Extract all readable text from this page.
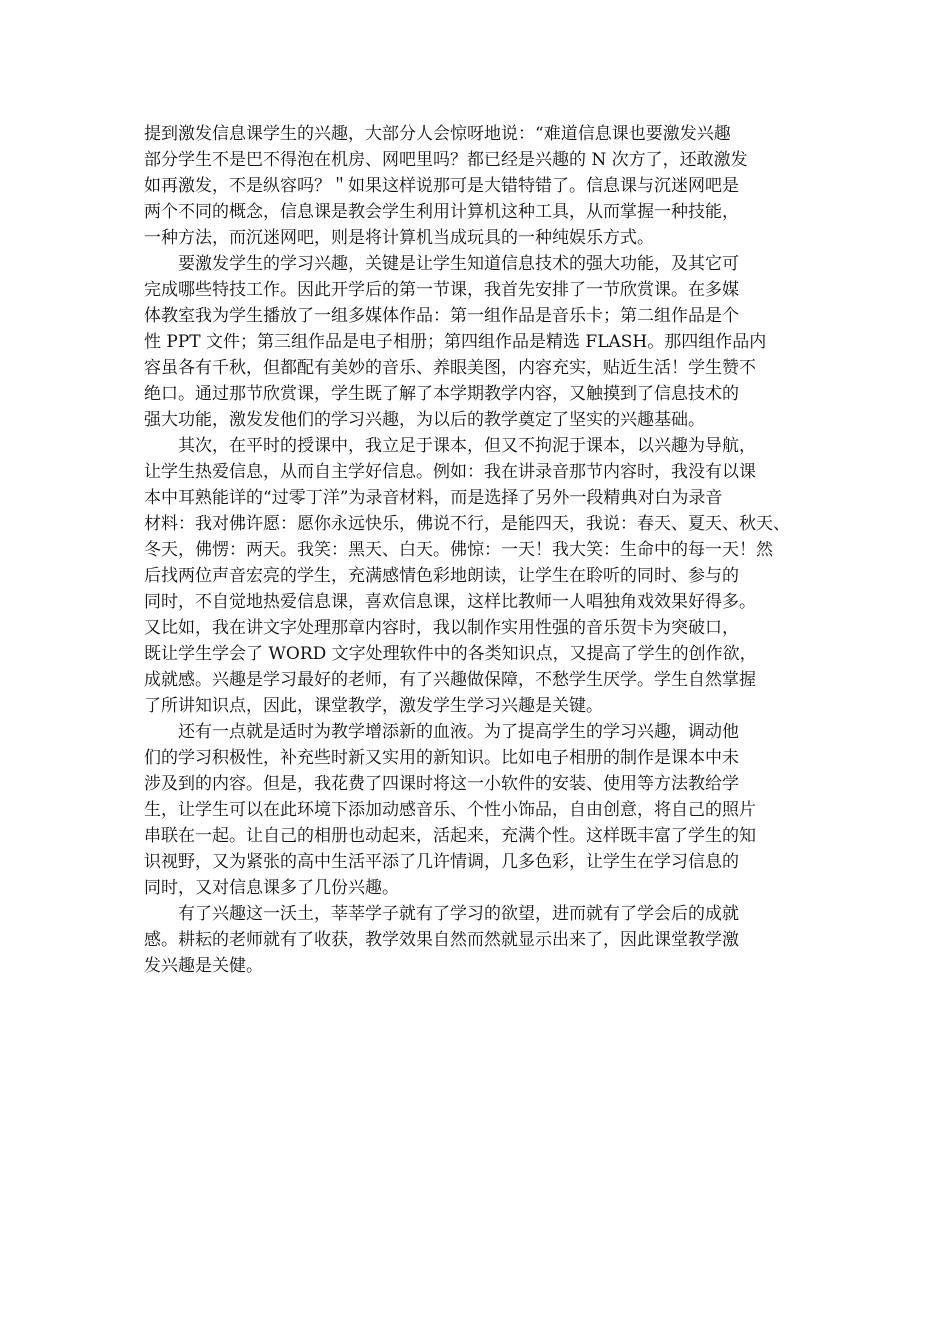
提到激发信息课学生的兴趣，大部分人会惊呀地说：“难道信息课也要激发兴趣
部分学生不是巴不得泡在机房、网吧里吗？都已经是兴趣的 N 次方了，还敢激发
如再激发，不是纵容吗？＂如果这样说那可是大错特错了。信息课与沉迷网吧是
两个不同的概念，信息课是教会学生利用计算机这种工具，从而掌握一种技能，
一种方法，而沉迷网吧，则是将计算机当成玩具的一种纯娱乐方式。
　　要激发学生的学习兴趣，关键是让学生知道信息技术的强大功能，及其它可
完成哪些特技工作。因此开学后的第一节课，我首先安排了一节欣赏课。在多媒
体教室我为学生播放了一组多媒体作品：第一组作品是音乐卡；第二组作品是个
性 PPT 文件；第三组作品是电子相册；第四组作品是精选 FLASH。那四组作品内
容虽各有千秋，但都配有美妙的音乐、养眼美图，内容充实，贴近生活！学生赞不
绝口。通过那节欣赏课，学生既了解了本学期教学内容，又触摸到了信息技术的
强大功能，激发发他们的学习兴趣，为以后的教学奠定了坚实的兴趣基础。
　　其次，在平时的授课中，我立足于课本，但又不拘泥于课本，以兴趣为导航，
让学生热爱信息，从而自主学好信息。例如：我在讲录音那节内容时，我没有以课
本中耳熟能详的“过零丁洋”为录音材料，而是选择了另外一段精典对白为录音
材料：我对佛许愿：愿你永远快乐，佛说不行，是能四天，我说：春天、夏天、秋天、
冬天，佛愣：两天。我笑：黑天、白天。佛惊：一天！我大笑：生命中的每一天！然
后找两位声音宏亮的学生，充满感情色彩地朗读，让学生在聆听的同时、参与的
同时，不自觉地热爱信息课，喜欢信息课，这样比教师一人唱独角戏效果好得多。
又比如，我在讲文字处理那章内容时，我以制作实用性强的音乐贺卡为突破口，
既让学生学会了 WORD 文字处理软件中的各类知识点，又提高了学生的创作欲，
成就感。兴趣是学习最好的老师，有了兴趣做保障，不愁学生厌学。学生自然掌握
了所讲知识点，因此，课堂教学，激发学生学习兴趣是关键。
　　还有一点就是适时为教学增添新的血液。为了提高学生的学习兴趣，调动他
们的学习积极性，补充些时新又实用的新知识。比如电子相册的制作是课本中未
涉及到的内容。但是，我花费了四课时将这一小软件的安装、使用等方法教给学
生，让学生可以在此环境下添加动感音乐、个性小饰品，自由创意，将自己的照片
串联在一起。让自己的相册也动起来，活起来，充满个性。这样既丰富了学生的知
识视野，又为紧张的高中生活平添了几许情调，几多色彩，让学生在学习信息的
同时，又对信息课多了几份兴趣。
　　有了兴趣这一沃土，莘莘学子就有了学习的欲望，进而就有了学会后的成就
感。耕耘的老师就有了收获，教学效果自然而然就显示出来了，因此课堂教学激
发兴趣是关健。
